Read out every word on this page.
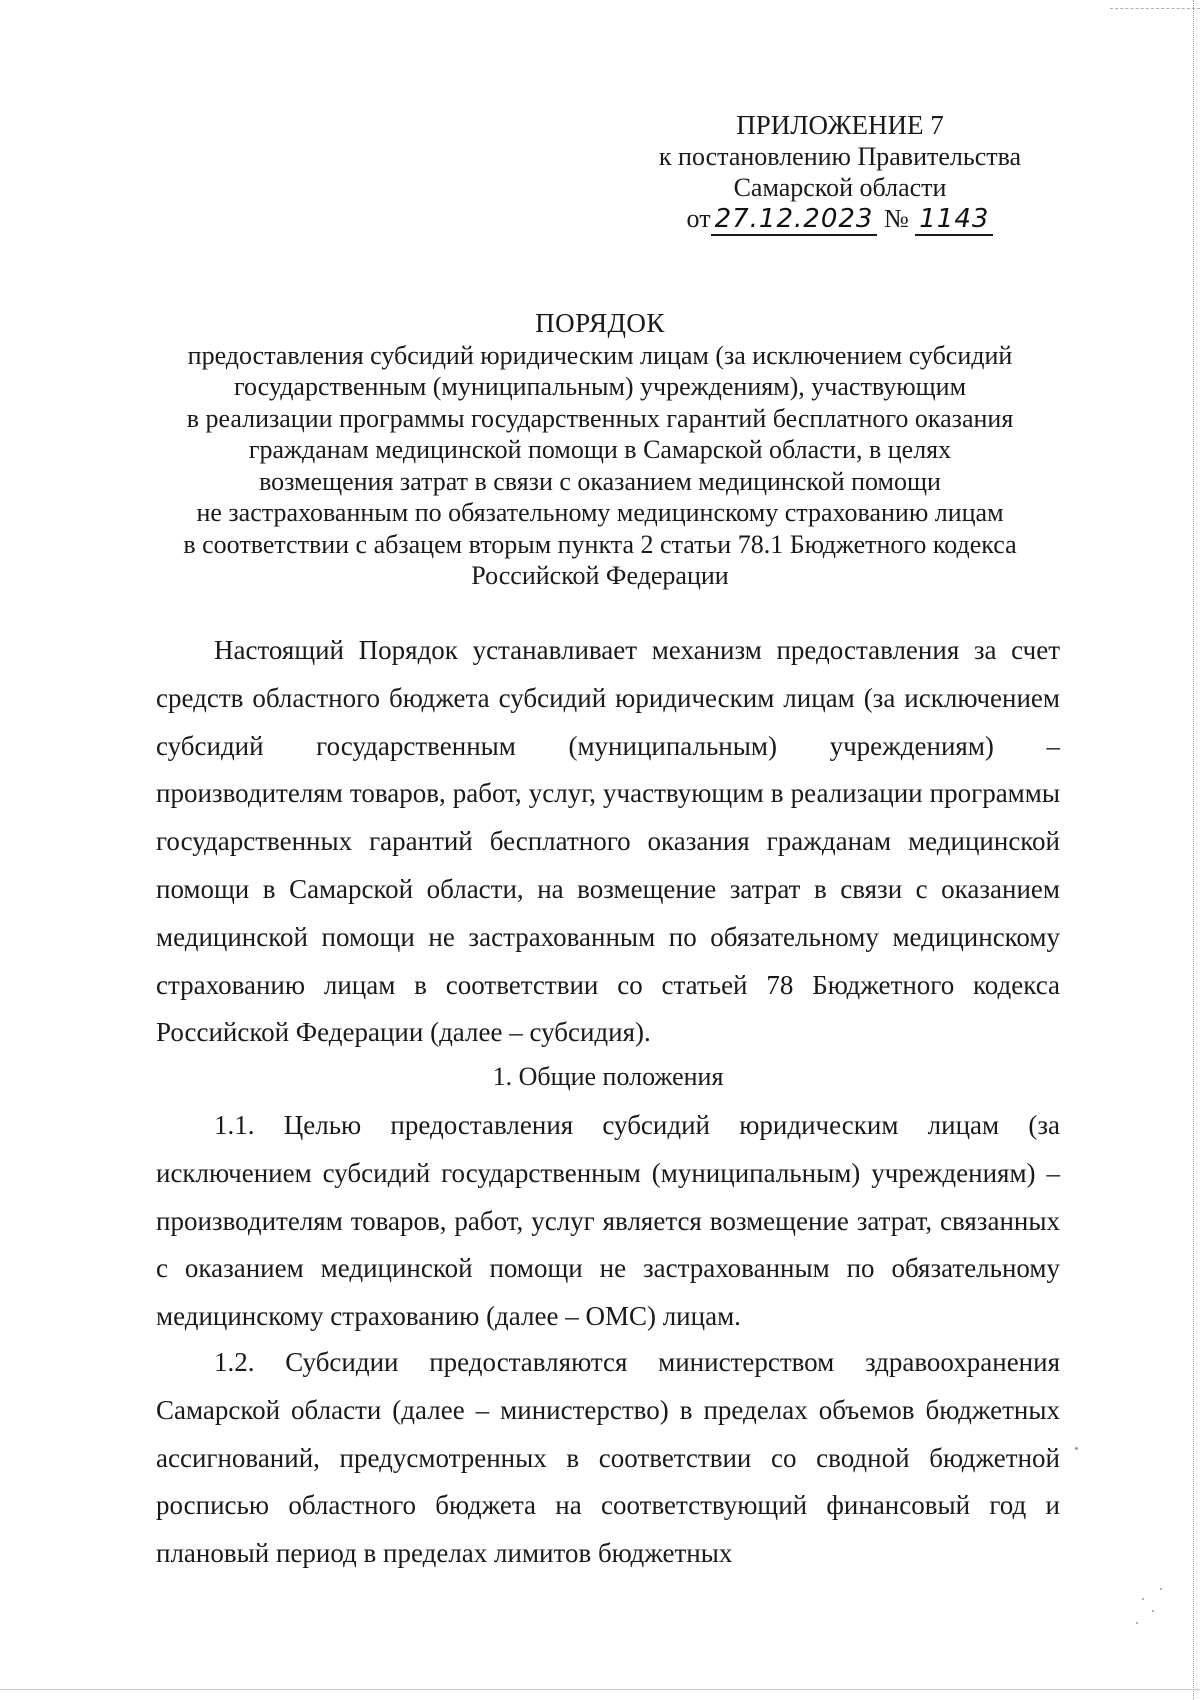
ПРИЛОЖЕНИЕ 7
к постановлению Правительства
Самарской области
от 27.12.2023 № 1143
ПОРЯДОК
предоставления субсидий юридическим лицам (за исключением субсидий
государственным (муниципальным) учреждениям), участвующим
в реализации программы государственных гарантий бесплатного оказания
гражданам медицинской помощи в Самарской области, в целях
возмещения затрат в связи с оказанием медицинской помощи
не застрахованным по обязательному медицинскому страхованию лицам
в соответствии с абзацем вторым пункта 2 статьи 78.1 Бюджетного кодекса
Российской Федерации

Настоящий Порядок устанавливает механизм предоставления за счет средств областного бюджета субсидий юридическим лицам (за исключением субсидий государственным (муниципальным) учреждениям) – производителям товаров, работ, услуг, участвующим в реализации программы государственных гарантий бесплатного оказания гражданам медицинской помощи в Самарской области, на возмещение затрат в связи с оказанием медицинской помощи не застрахованным по обязательному медицинскому страхованию лицам в соответствии со статьей 78 Бюджетного кодекса Российской Федерации (далее – субсидия).

1. Общие положения

1.1. Целью предоставления субсидий юридическим лицам (за исключением субсидий государственным (муниципальным) учреждениям) – производителям товаров, работ, услуг является возмещение затрат, связанных с оказанием медицинской помощи не застрахованным по обязательному медицинскому страхованию (далее – ОМС) лицам.

1.2. Субсидии предоставляются министерством здравоохранения Самарской области (далее – министерство) в пределах объемов бюджетных ассигнований, предусмотренных в соответствии со сводной бюджетной росписью областного бюджета на соответствующий финансовый год и плановый период в пределах лимитов бюджетных
